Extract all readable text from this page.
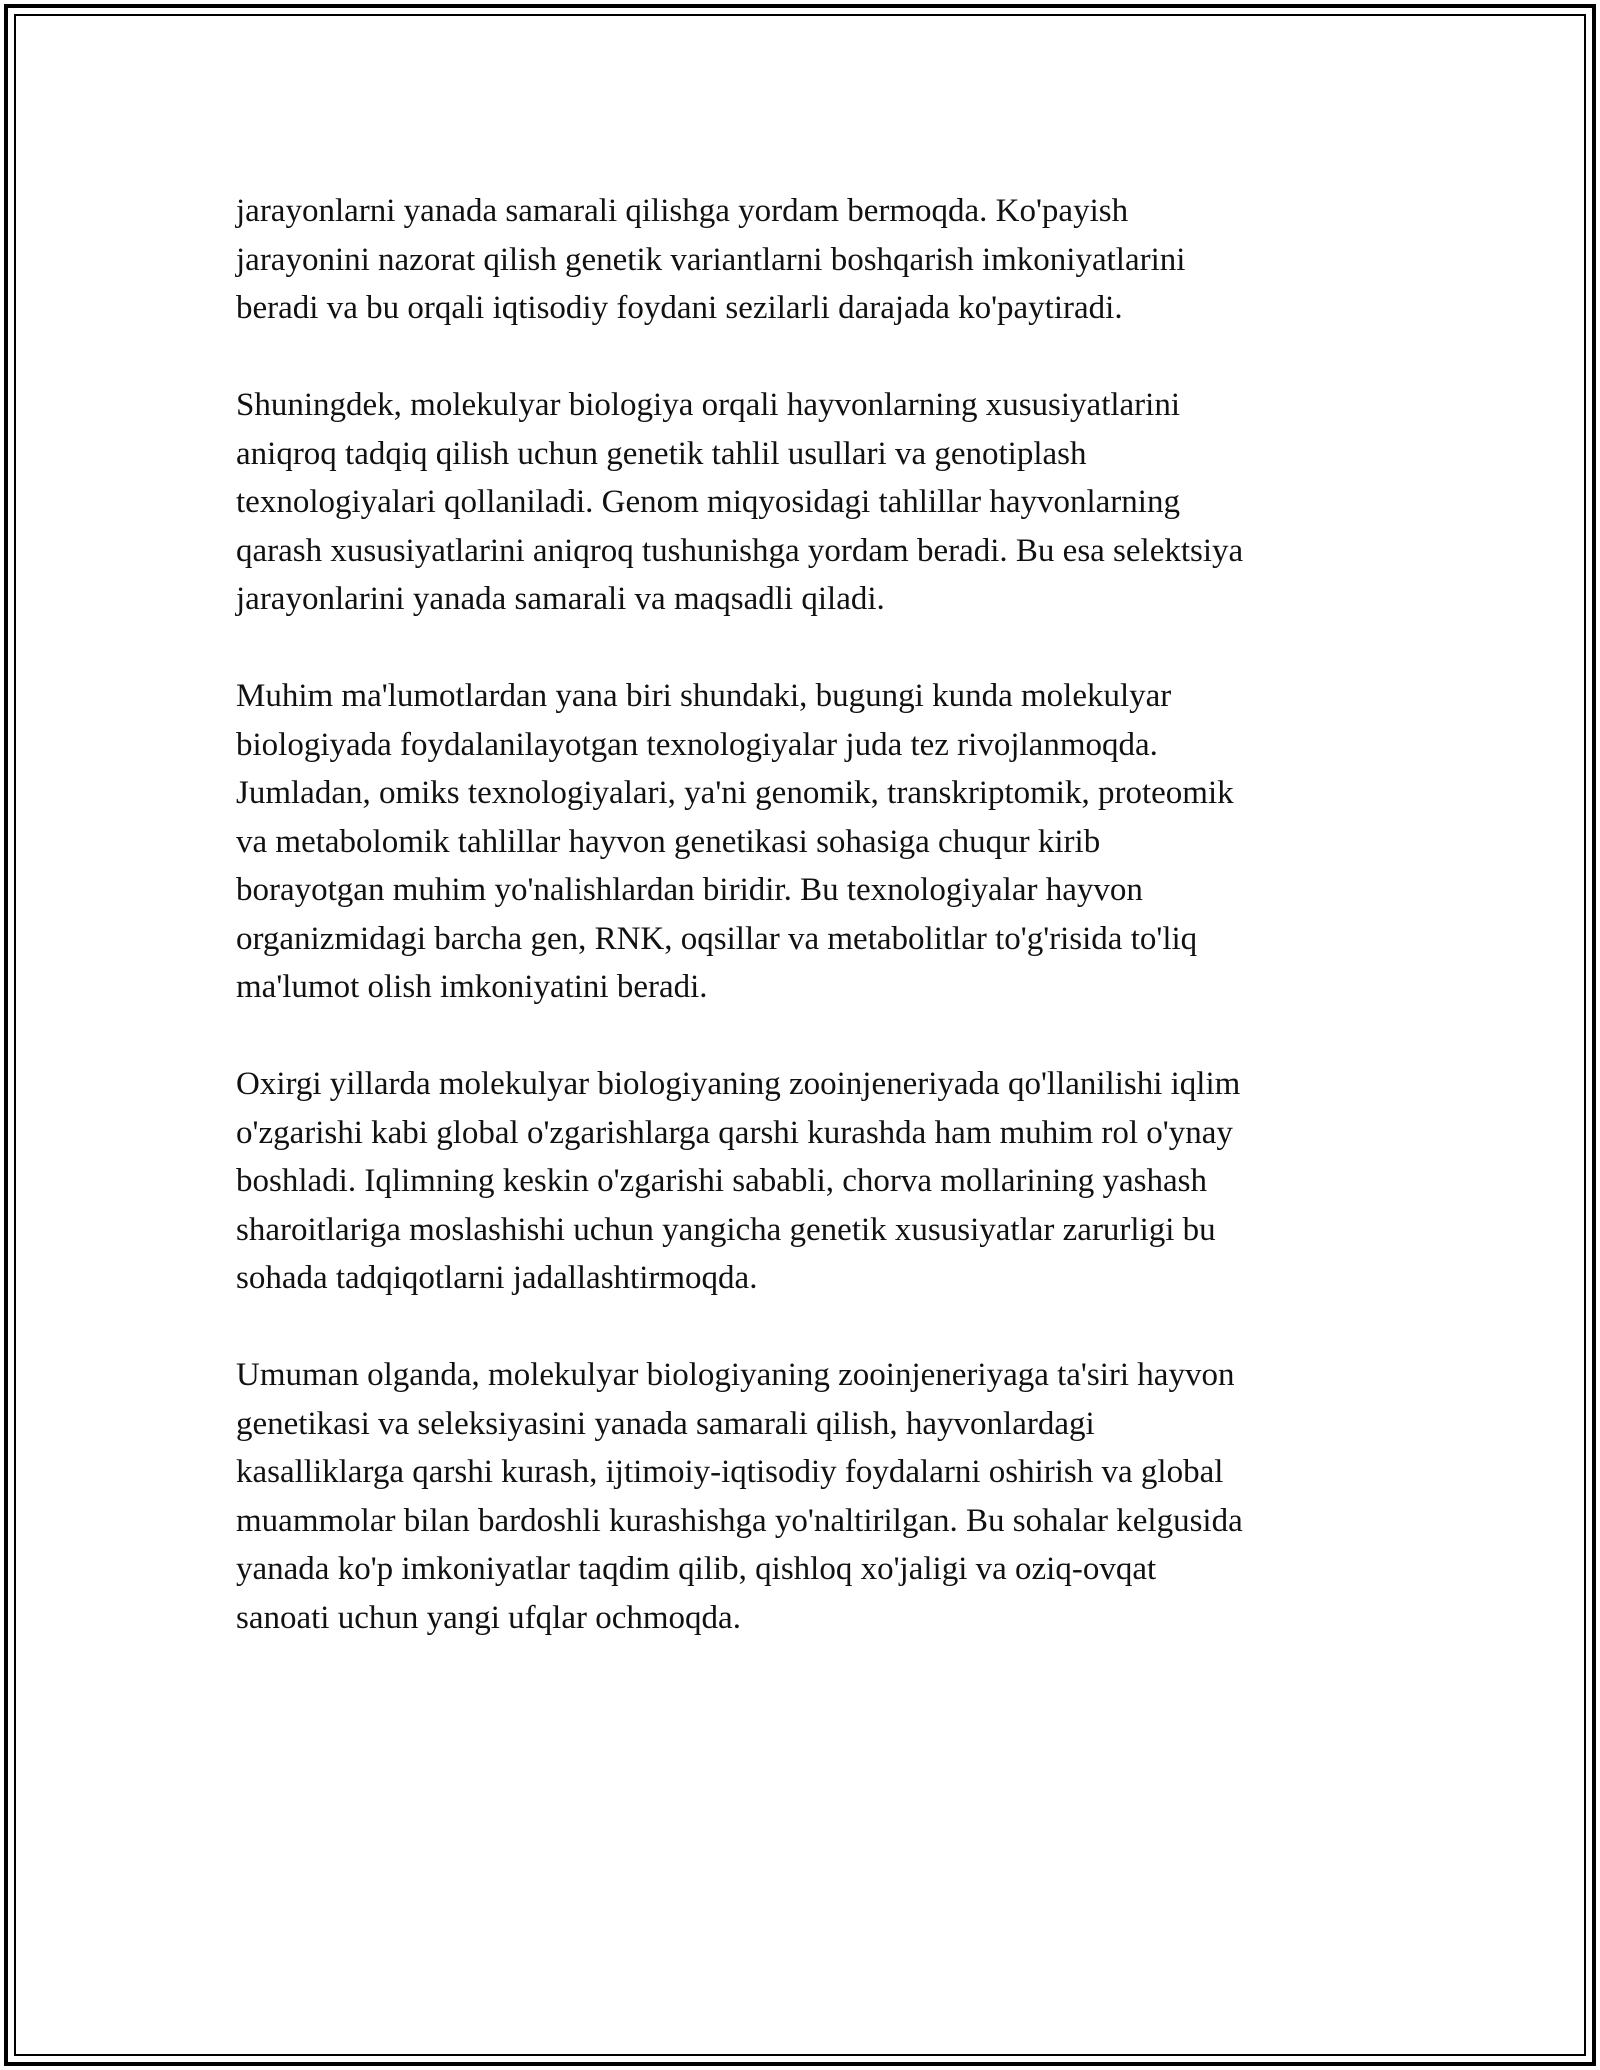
jarayonlarni yanada samarali qilishga yordam bermoqda. Ko'payish
jarayonini nazorat qilish genetik variantlarni boshqarish imkoniyatlarini
beradi va bu orqali iqtisodiy foydani sezilarli darajada ko'paytiradi.

Shuningdek, molekulyar biologiya orqali hayvonlarning xususiyatlarini
aniqroq tadqiq qilish uchun genetik tahlil usullari va genotiplash
texnologiyalari qollaniladi. Genom miqyosidagi tahlillar hayvonlarning
qarash xususiyatlarini aniqroq tushunishga yordam beradi. Bu esa selektsiya
jarayonlarini yanada samarali va maqsadli qiladi.

Muhim ma'lumotlardan yana biri shundaki, bugungi kunda molekulyar
biologiyada foydalanilayotgan texnologiyalar juda tez rivojlanmoqda.
Jumladan, omiks texnologiyalari, ya'ni genomik, transkriptomik, proteomik
va metabolomik tahlillar hayvon genetikasi sohasiga chuqur kirib
borayotgan muhim yo'nalishlardan biridir. Bu texnologiyalar hayvon
organizmidagi barcha gen, RNK, oqsillar va metabolitlar to'g'risida to'liq
ma'lumot olish imkoniyatini beradi.

Oxirgi yillarda molekulyar biologiyaning zooinjeneriyada qo'llanilishi iqlim
o'zgarishi kabi global o'zgarishlarga qarshi kurashda ham muhim rol o'ynay
boshladi. Iqlimning keskin o'zgarishi sababli, chorva mollarining yashash
sharoitlariga moslashishi uchun yangicha genetik xususiyatlar zarurligi bu
sohada tadqiqotlarni jadallashtirmoqda.

Umuman olganda, molekulyar biologiyaning zooinjeneriyaga ta'siri hayvon
genetikasi va seleksiyasini yanada samarali qilish, hayvonlardagi
kasalliklarga qarshi kurash, ijtimoiy-iqtisodiy foydalarni oshirish va global
muammolar bilan bardoshli kurashishga yo'naltirilgan. Bu sohalar kelgusida
yanada ko'p imkoniyatlar taqdim qilib, qishloq xo'jaligi va oziq-ovqat
sanoati uchun yangi ufqlar ochmoqda.
